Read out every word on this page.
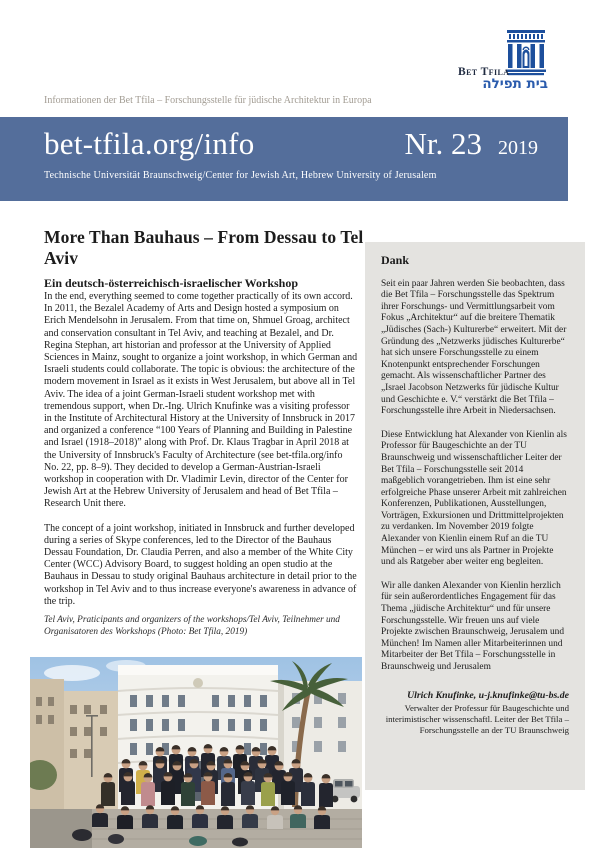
Bet Tfila
בית תפילה
Informationen der Bet Tfila – Forschungsstelle für jüdische Architektur in Europa
bet-tfila.org/info	Nr. 23 2019
Technische Universität Braunschweig/Center for Jewish Art, Hebrew University of Jerusalem
More Than Bauhaus – From Dessau to Tel Aviv
Ein deutsch-österreichisch-israelischer Workshop

In the end, everything seemed to come together practically of its own accord. In 2011, the Bezalel Academy of Arts and Design hosted a symposium on Erich Mendelsohn in Jerusalem. From that time on, Shmuel Groag, architect and conservation consultant in Tel Aviv, and teaching at Bezalel, and Dr. Regina Stephan, art historian and professor at the University of Applied Sciences in Mainz, sought to organize a joint workshop, in which German and Israeli students could collaborate. The topic is obvious: the architecture of the modern movement in Israel as it exists in West Jerusalem, but above all in Tel Aviv. The idea of a joint German-Israeli student workshop met with tremendous support, when Dr.-Ing. Ulrich Knufinke was a visiting professor in the Institute of Architectural History at the University of Innsbruck in 2017 and organized a conference “100 Years of Planning and Building in Palestine and Israel (1918–2018)” along with Prof. Dr. Klaus Tragbar in April 2018 at the University of Innsbruck's Faculty of Architecture (see bet-tfila.org/info No. 22, pp. 8–9). They decided to develop a German-Austrian-Israeli workshop in cooperation with Dr. Vladimir Levin, director of the Center for Jewish Art at the Hebrew University of Jerusalem and head of Bet Tfila – Research Unit there.

The concept of a joint workshop, initiated in Innsbruck and further developed during a series of Skype conferences, led to the Director of the Bauhaus Dessau Foundation, Dr. Claudia Perren, and also a member of the White City Center (WCC) Advisory Board, to suggest holding an open studio at the Bauhaus in Dessau to study original Bauhaus architecture in detail prior to the workshop in Tel Aviv and to thus increase everyone's awareness in advance of the trip.

Tel Aviv, Praticipants and organizers of the workshops/Tel Aviv, Teilnehmer und Organisatoren des Workshops (Photo: Bet Tfila, 2019)
Dank

Seit ein paar Jahren werden Sie beobachten, dass die Bet Tfila – Forschungsstelle das Spektrum ihrer Forschungs- und Vermittlungsarbeit vom Fokus „Architektur“ auf die breitere Thematik „Jüdisches (Sach-) Kulturerbe“ erweitert. Mit der Gründung des „Netzwerks jüdisches Kulturerbe“ hat sich unsere Forschungsstelle zu einem Knotenpunkt entsprechender Forschungen gemacht. Als wissenschaftlicher Partner des „Israel Jacobson Netzwerks für jüdische Kultur und Geschichte e. V.“ verstärkt die Bet Tfila – Forschungsstelle ihre Arbeit in Niedersachsen.

Diese Entwicklung hat Alexander von Kienlin als Professor für Baugeschichte an der TU Braunschweig und wissenschaftlicher Leiter der Bet Tfila – Forschungsstelle seit 2014 maßgeblich vorangetrieben. Ihm ist eine sehr erfolgreiche Phase unserer Arbeit mit zahlreichen Konferenzen, Publikationen, Ausstellungen, Vorträgen, Exkursionen und Drittmittelprojekten zu verdanken. Im November 2019 folgte Alexander von Kienlin einem Ruf an die TU München – er wird uns als Partner in Projekte und als Ratgeber aber weiter eng begleiten.

Wir alle danken Alexander von Kienlin herzlich für sein außerordentliches Engagement für das Thema „jüdische Architektur“ und für unsere Forschungsstelle. Wir freuen uns auf viele Projekte zwischen Braunschweig, Jerusalem und München! Im Namen aller Mitarbeiterinnen und Mitarbeiter der Bet Tfila – Forschungsstelle in Braunschweig und Jerusalem

Ulrich Knufinke, u-j.knufinke@tu-bs.de
Verwalter der Professur für Baugeschichte und interimistischer wissenschaftl. Leiter der Bet Tfila – Forschungsstelle an der TU Braunschweig
